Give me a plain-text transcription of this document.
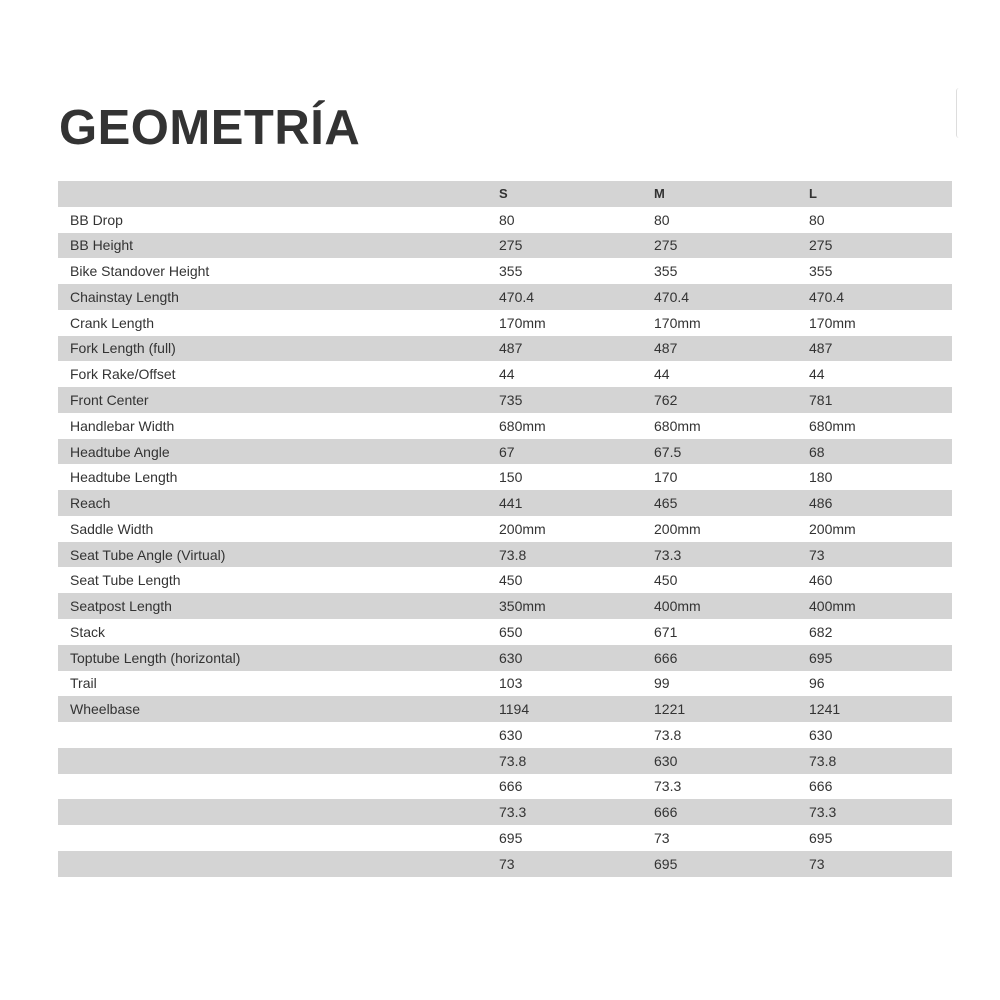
GEOMETRÍA
	S	M	L
BB Drop	80	80	80
BB Height	275	275	275
Bike Standover Height	355	355	355
Chainstay Length	470.4	470.4	470.4
Crank Length	170mm	170mm	170mm
Fork Length (full)	487	487	487
Fork Rake/Offset	44	44	44
Front Center	735	762	781
Handlebar Width	680mm	680mm	680mm
Headtube Angle	67	67.5	68
Headtube Length	150	170	180
Reach	441	465	486
Saddle Width	200mm	200mm	200mm
Seat Tube Angle (Virtual)	73.8	73.3	73
Seat Tube Length	450	450	460
Seatpost Length	350mm	400mm	400mm
Stack	650	671	682
Toptube Length (horizontal)	630	666	695
Trail	103	99	96
Wheelbase	1194	1221	1241
	630	73.8	630
	73.8	630	73.8
	666	73.3	666
	73.3	666	73.3
	695	73	695
	73	695	73
